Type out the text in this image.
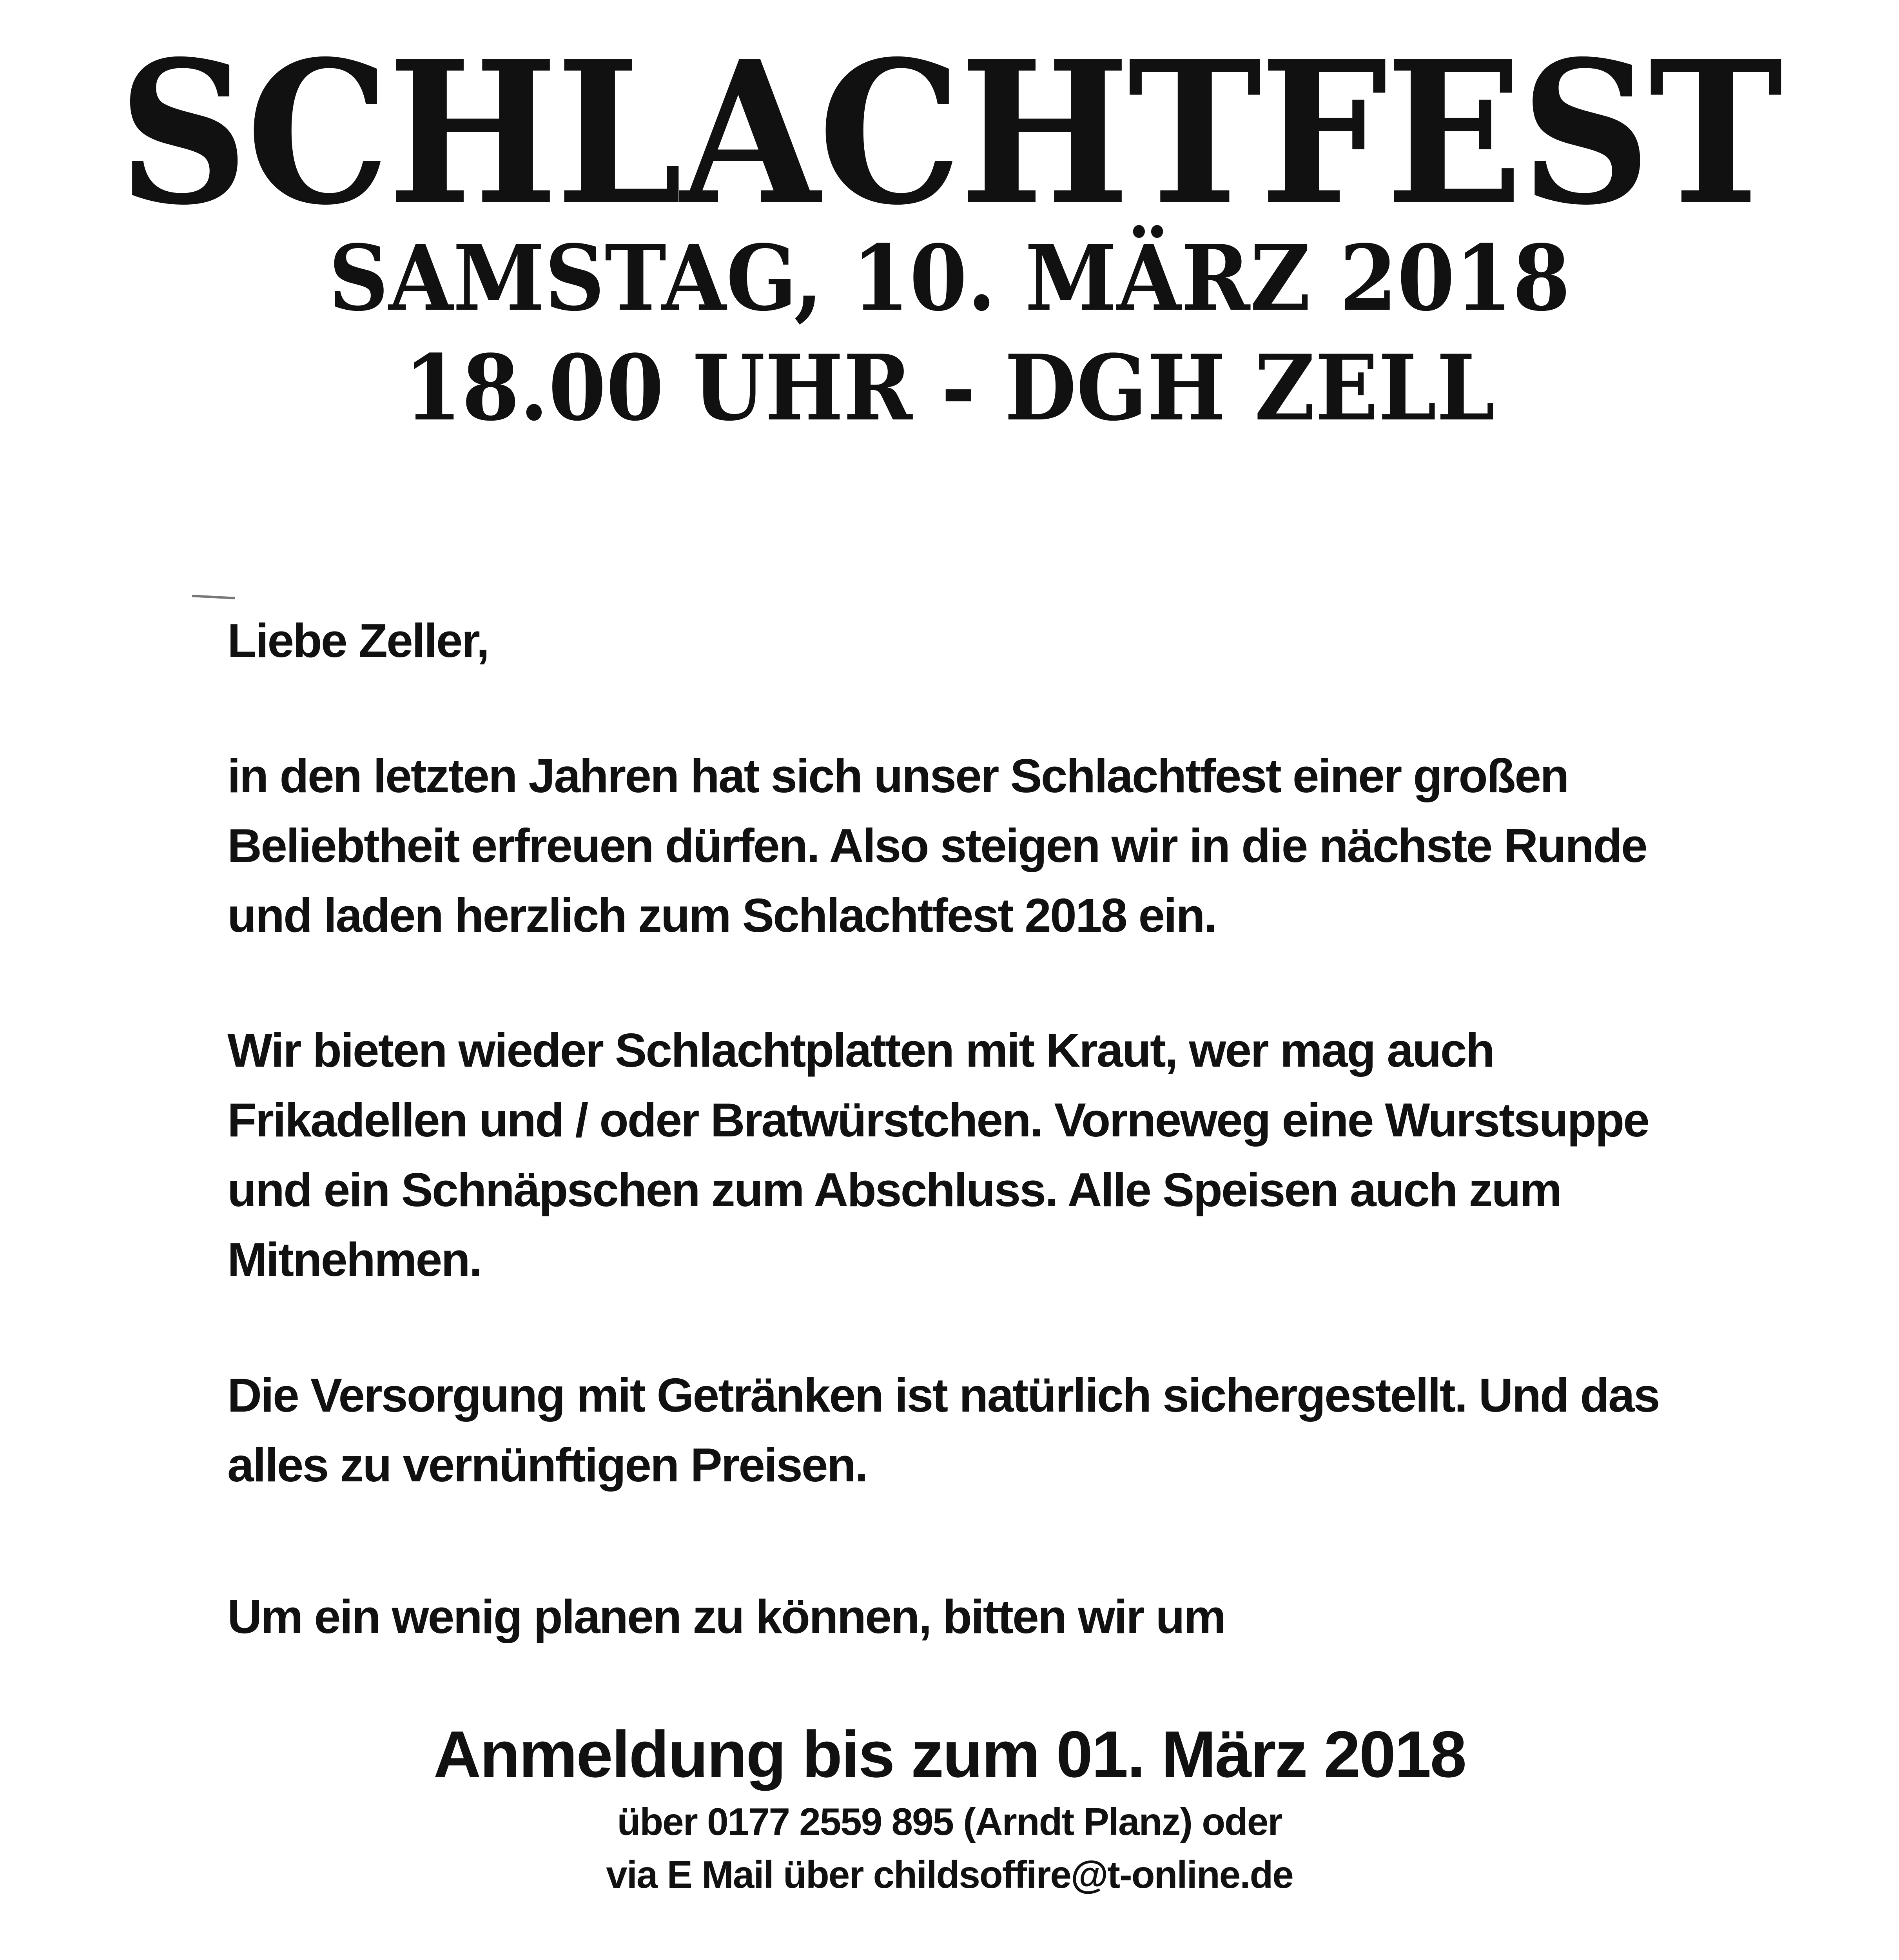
SCHLACHTFEST
SAMSTAG, 10. MÄRZ 2018
18.00 UHR - DGH ZELL
Liebe Zeller,
in den letzten Jahren hat sich unser Schlachtfest einer großen
Beliebtheit erfreuen dürfen. Also steigen wir in die nächste Runde
und laden herzlich zum Schlachtfest 2018 ein.
Wir bieten wieder Schlachtplatten mit Kraut, wer mag auch
Frikadellen und / oder Bratwürstchen. Vorneweg eine Wurstsuppe
und ein Schnäpschen zum Abschluss. Alle Speisen auch zum
Mitnehmen.
Die Versorgung mit Getränken ist natürlich sichergestellt. Und das
alles zu vernünftigen Preisen.
Um ein wenig planen zu können, bitten wir um
Anmeldung bis zum 01. März 2018
über 0177 2559 895 (Arndt Planz) oder
via E Mail über childsoffire@t-online.de
